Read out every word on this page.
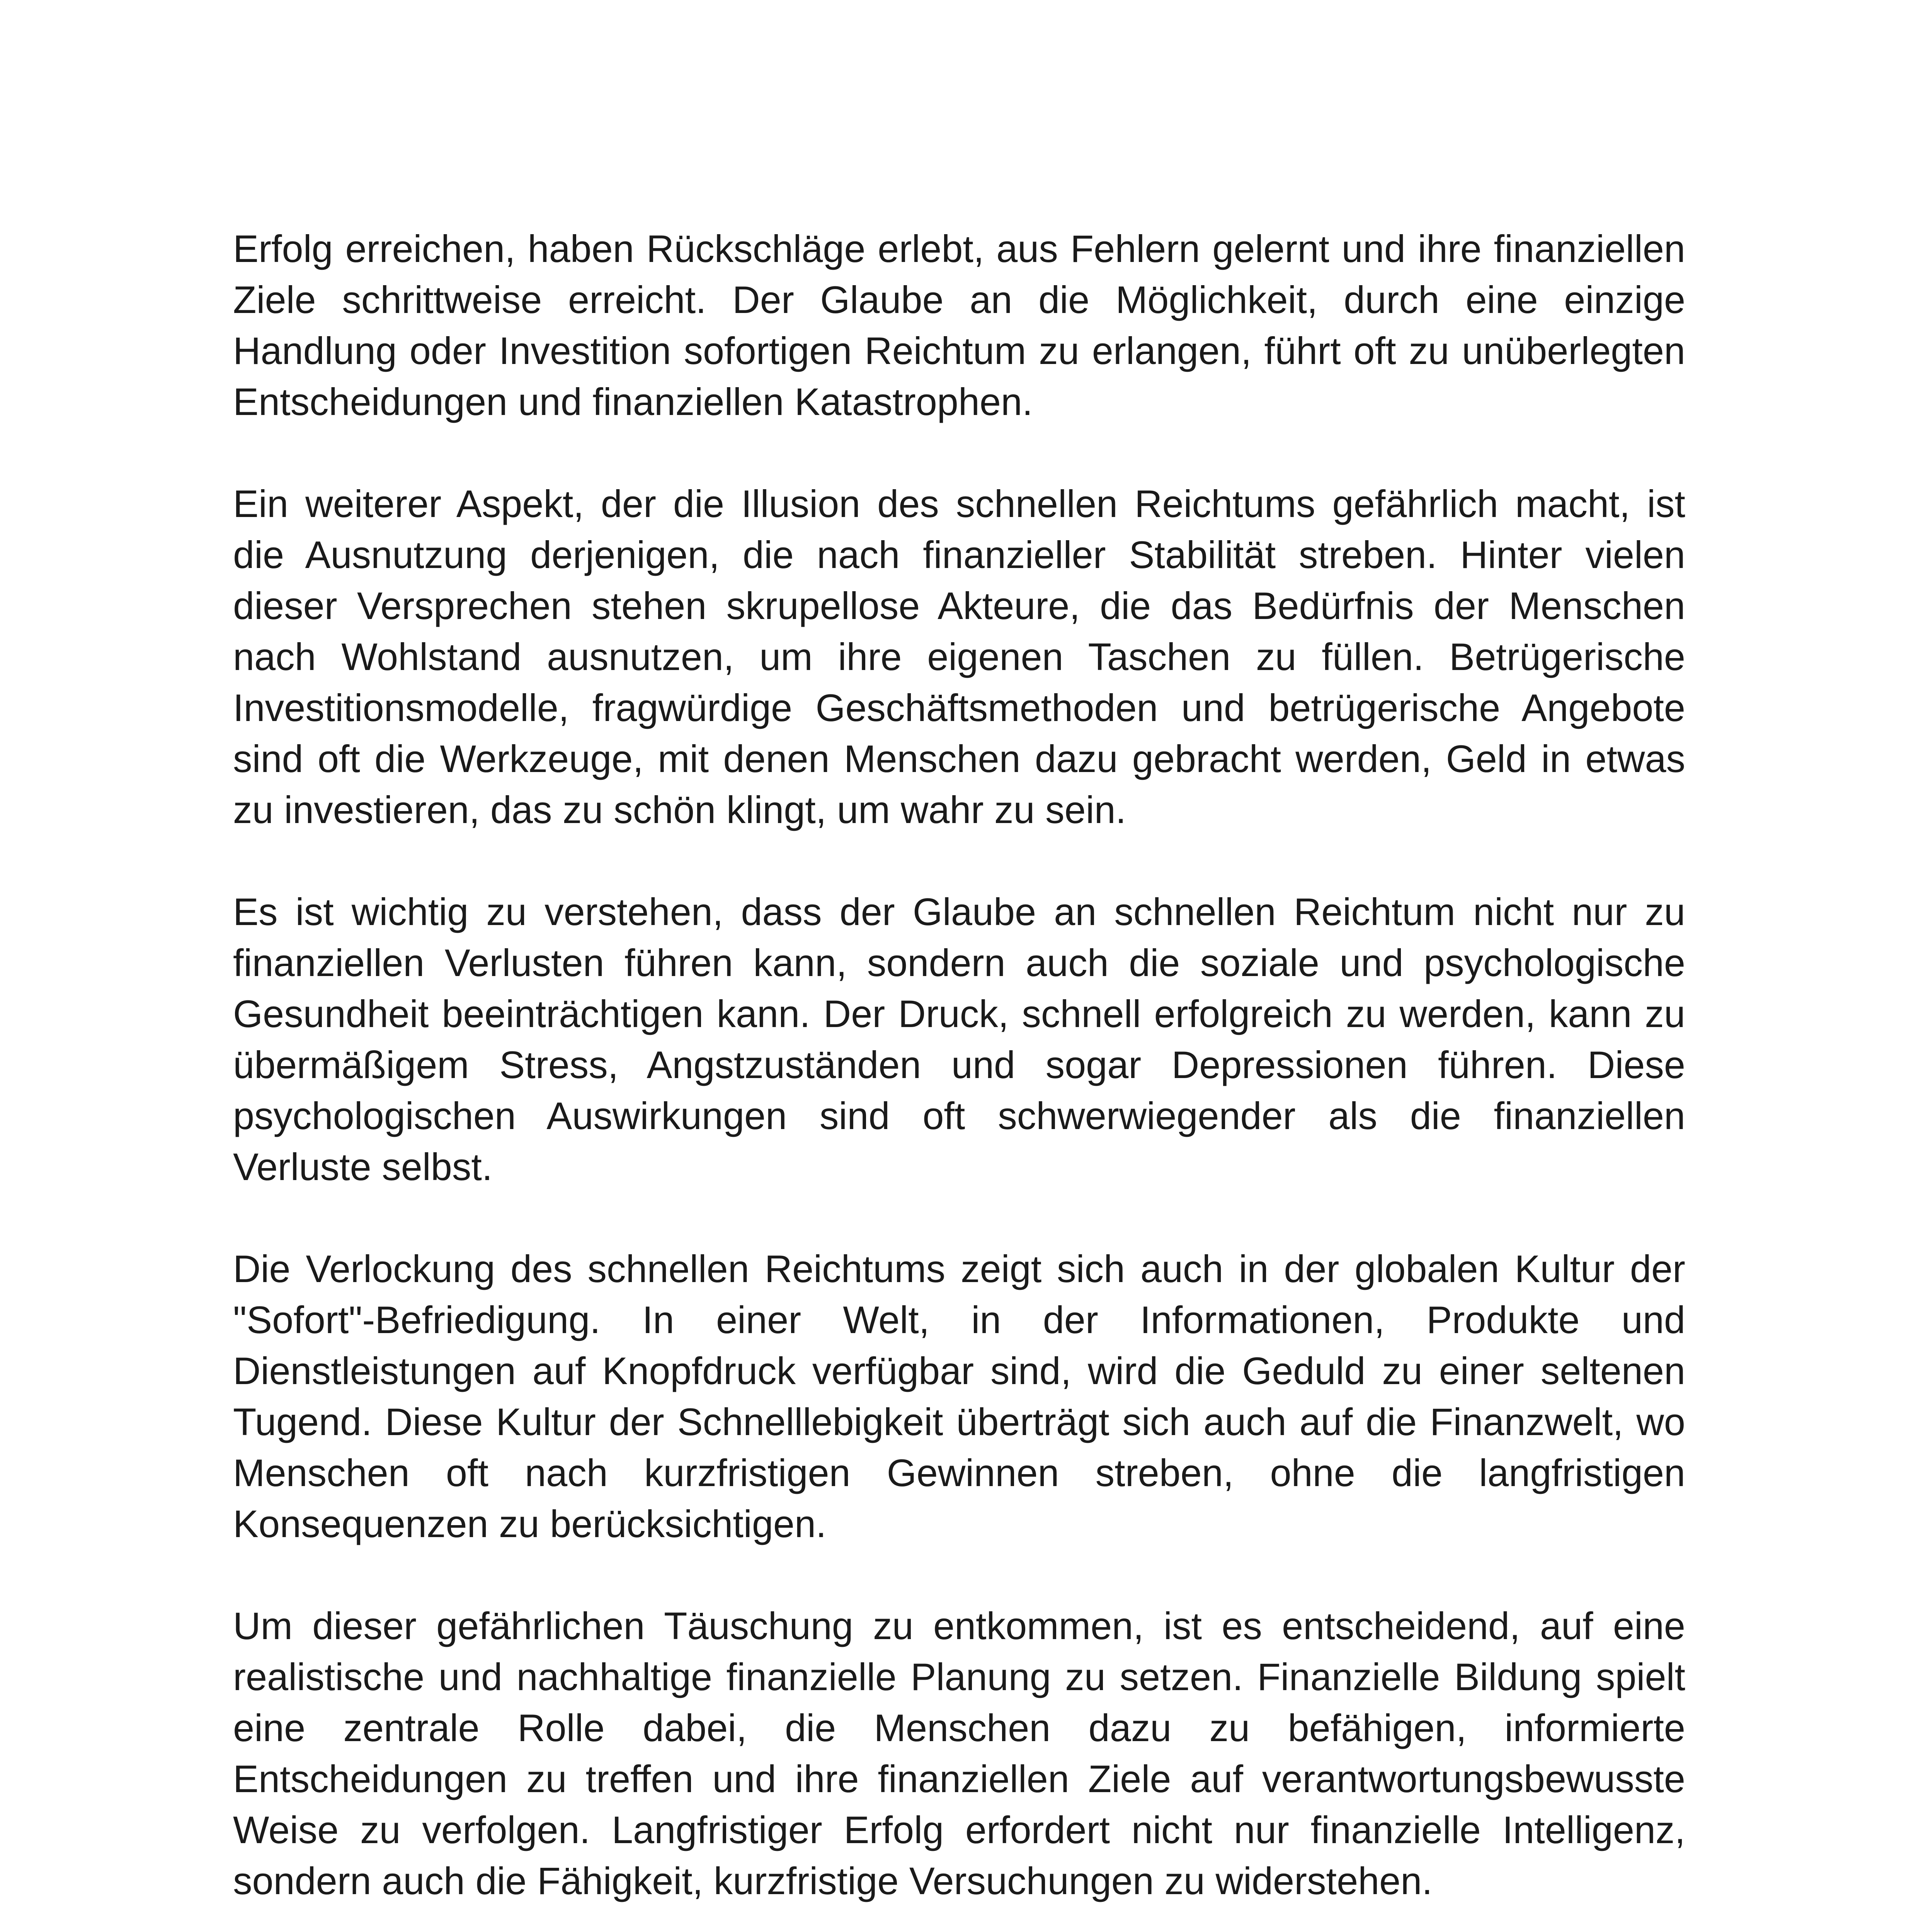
Erfolg erreichen, haben Rückschläge erlebt, aus Fehlern gelernt und ihre finanziellen
Ziele schrittweise erreicht. Der Glaube an die Möglichkeit, durch eine einzige
Handlung oder Investition sofortigen Reichtum zu erlangen, führt oft zu unüberlegten
Entscheidungen und finanziellen Katastrophen.
Ein weiterer Aspekt, der die Illusion des schnellen Reichtums gefährlich macht, ist
die Ausnutzung derjenigen, die nach finanzieller Stabilität streben. Hinter vielen
dieser Versprechen stehen skrupellose Akteure, die das Bedürfnis der Menschen
nach Wohlstand ausnutzen, um ihre eigenen Taschen zu füllen. Betrügerische
Investitionsmodelle, fragwürdige Geschäftsmethoden und betrügerische Angebote
sind oft die Werkzeuge, mit denen Menschen dazu gebracht werden, Geld in etwas
zu investieren, das zu schön klingt, um wahr zu sein.
Es ist wichtig zu verstehen, dass der Glaube an schnellen Reichtum nicht nur zu
finanziellen Verlusten führen kann, sondern auch die soziale und psychologische
Gesundheit beeinträchtigen kann. Der Druck, schnell erfolgreich zu werden, kann zu
übermäßigem Stress, Angstzuständen und sogar Depressionen führen. Diese
psychologischen Auswirkungen sind oft schwerwiegender als die finanziellen
Verluste selbst.
Die Verlockung des schnellen Reichtums zeigt sich auch in der globalen Kultur der
"Sofort"-Befriedigung. In einer Welt, in der Informationen, Produkte und
Dienstleistungen auf Knopfdruck verfügbar sind, wird die Geduld zu einer seltenen
Tugend. Diese Kultur der Schnelllebigkeit überträgt sich auch auf die Finanzwelt, wo
Menschen oft nach kurzfristigen Gewinnen streben, ohne die langfristigen
Konsequenzen zu berücksichtigen.
Um dieser gefährlichen Täuschung zu entkommen, ist es entscheidend, auf eine
realistische und nachhaltige finanzielle Planung zu setzen. Finanzielle Bildung spielt
eine zentrale Rolle dabei, die Menschen dazu zu befähigen, informierte
Entscheidungen zu treffen und ihre finanziellen Ziele auf verantwortungsbewusste
Weise zu verfolgen. Langfristiger Erfolg erfordert nicht nur finanzielle Intelligenz,
sondern auch die Fähigkeit, kurzfristige Versuchungen zu widerstehen.
